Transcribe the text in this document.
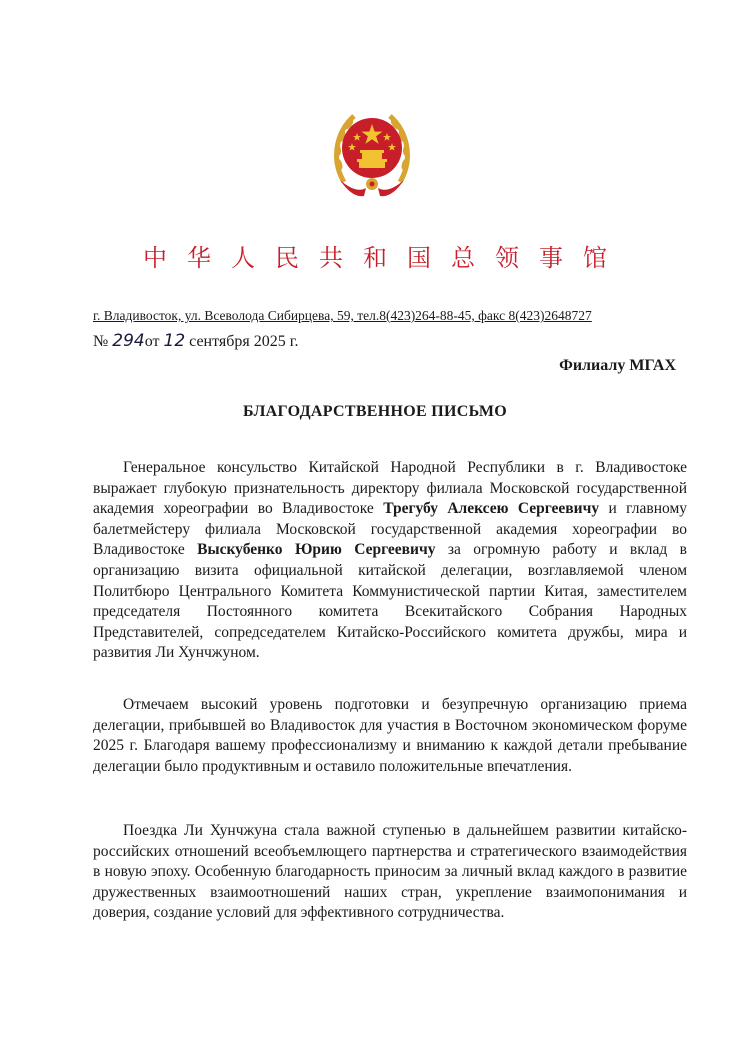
中华人民共和国总领事馆
г. Владивосток, ул. Всеволода Сибирцева, 59, тел.8(423)264-88-45, факс 8(423)2648727
№ 294от 12 сентября 2025 г.
Филиалу МГАХ
БЛАГОДАРСТВЕННОЕ ПИСЬМО

Генеральное консульство Китайской Народной Республики в г. Владивостоке выражает глубокую признательность директору филиала Московской государственной академия хореографии во Владивостоке Трегубу Алексею Сергеевичу и главному балетмейстеру филиала Московской государственной академия хореографии во Владивостоке Выскубенко Юрию Сергеевичу за огромную работу и вклад в организацию визита официальной китайской делегации, возглавляемой членом Политбюро Центрального Комитета Коммунистической партии Китая, заместителем председателя Постоянного комитета Всекитайского Собрания Народных Представителей, сопредседателем Китайско-Российского комитета дружбы, мира и развития Ли Хунчжуном.

Отмечаем высокий уровень подготовки и безупречную организацию приема делегации, прибывшей во Владивосток для участия в Восточном экономическом форуме 2025 г. Благодаря вашему профессионализму и вниманию к каждой детали пребывание делегации было продуктивным и оставило положительные впечатления.

Поездка Ли Хунчжуна стала важной ступенью в дальнейшем развитии китайско-российских отношений всеобъемлющего партнерства и стратегического взаимодействия в новую эпоху. Особенную благодарность приносим за личный вклад каждого в развитие дружественных взаимоотношений наших стран, укрепление взаимопонимания и доверия, создание условий для эффективного сотрудничества.
